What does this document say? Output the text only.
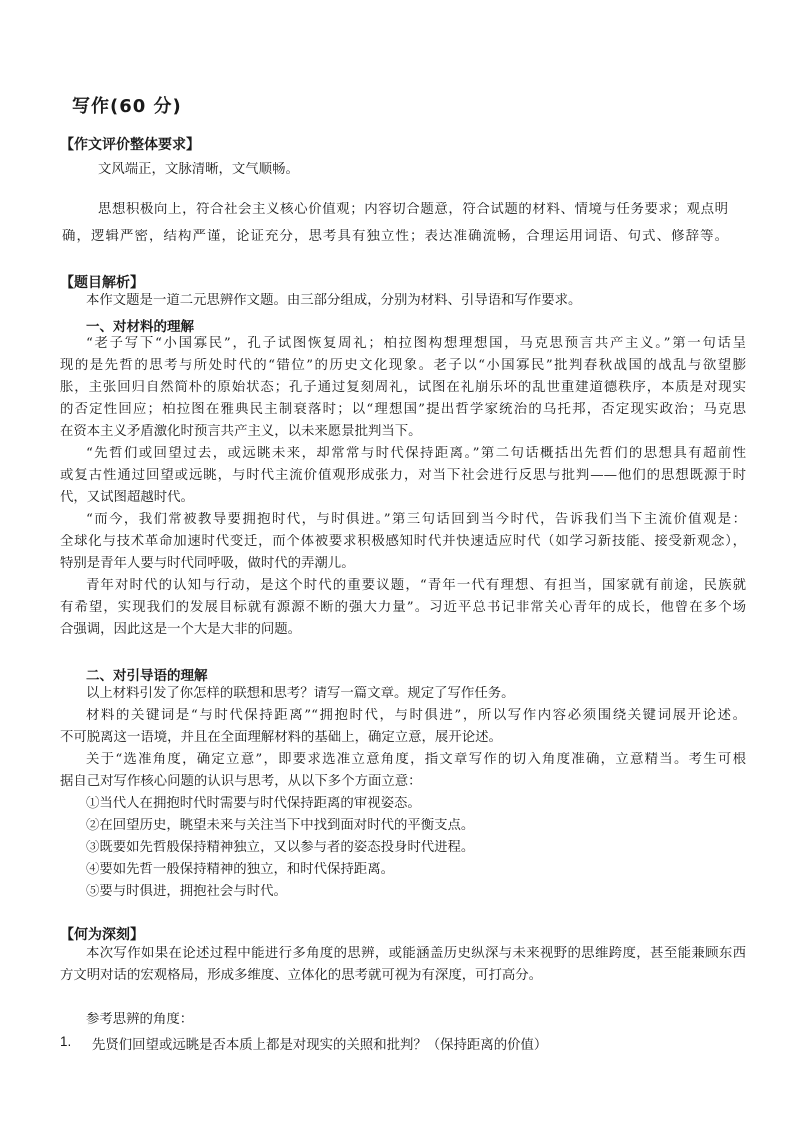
写作(60 分)
【作文评价整体要求】
文风端正，文脉清晰，文气顺畅。
思想积极向上，符合社会主义核心价值观；内容切合题意，符合试题的材料、情境与任务要求；观点明
确，逻辑严密，结构严谨，论证充分，思考具有独立性；表达准确流畅，合理运用词语、句式、修辞等。
【题目解析】
本作文题是一道二元思辨作文题。由三部分组成，分别为材料、引导语和写作要求。
一、对材料的理解
“老子写下“小国寡民”，孔子试图恢复周礼；柏拉图构想理想国，马克思预言共产主义。”第一句话呈
现的是先哲的思考与所处时代的“错位”的历史文化现象。老子以“小国寡民”批判春秋战国的战乱与欲望膨
胀，主张回归自然简朴的原始状态；孔子通过复刻周礼，试图在礼崩乐坏的乱世重建道德秩序，本质是对现实
的否定性回应；柏拉图在雅典民主制衰落时；以“理想国”提出哲学家统治的乌托邦，否定现实政治；马克思
在资本主义矛盾激化时预言共产主义，以未来愿景批判当下。
“先哲们或回望过去，或远眺未来，却常常与时代保持距离。”第二句话概括出先哲们的思想具有超前性
或复古性通过回望或远眺，与时代主流价值观形成张力，对当下社会进行反思与批判——他们的思想既源于时
代，又试图超越时代。
“而今，我们常被教导要拥抱时代，与时俱进。”第三句话回到当今时代，告诉我们当下主流价值观是：
全球化与技术革命加速时代变迁，而个体被要求积极感知时代并快速适应时代（如学习新技能、接受新观念），
特别是青年人要与时代同呼吸，做时代的弄潮儿。
青年对时代的认知与行动，是这个时代的重要议题，“青年一代有理想、有担当，国家就有前途，民族就
有希望，实现我们的发展目标就有源源不断的强大力量”。习近平总书记非常关心青年的成长，他曾在多个场
合强调，因此这是一个大是大非的问题。
二、对引导语的理解
以上材料引发了你怎样的联想和思考？请写一篇文章。规定了写作任务。
材料的关键词是“与时代保持距离”“拥抱时代，与时俱进”，所以写作内容必须围绕关键词展开论述。
不可脱离这一语境，并且在全面理解材料的基础上，确定立意，展开论述。
关于“选准角度，确定立意”，即要求选准立意角度，指文章写作的切入角度准确，立意精当。考生可根
据自己对写作核心问题的认识与思考，从以下多个方面立意：
①当代人在拥抱时代时需要与时代保持距离的审视姿态。
②在回望历史，眺望未来与关注当下中找到面对时代的平衡支点。
③既要如先哲般保持精神独立，又以参与者的姿态投身时代进程。
④要如先哲一般保持精神的独立，和时代保持距离。
⑤要与时俱进，拥抱社会与时代。
【何为深刻】
本次写作如果在论述过程中能进行多角度的思辨，或能涵盖历史纵深与未来视野的思维跨度，甚至能兼顾东西
方文明对话的宏观格局，形成多维度、立体化的思考就可视为有深度，可打高分。
参考思辨的角度：
1. 先贤们回望或远眺是否本质上都是对现实的关照和批判？（保持距离的价值）
